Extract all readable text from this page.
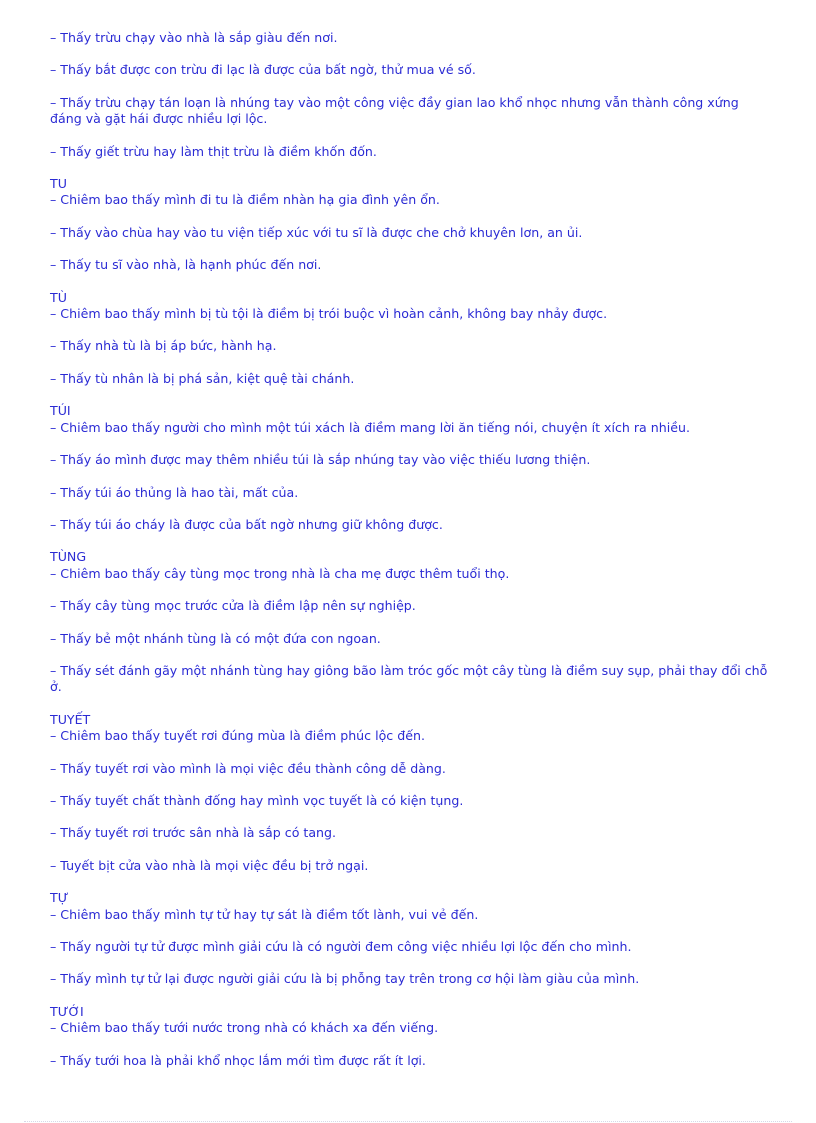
– Thấy trừu chạy vào nhà là sắp giàu đến nơi.
– Thấy bắt được con trừu đi lạc là được của bất ngờ, thử mua vé số.
– Thấy trừu chạy tán loạn là nhúng tay vào một công việc đầy gian lao khổ nhọc nhưng vẫn thành công xứng đáng và gặt hái được nhiều lợi lộc.
– Thấy giết trừu hay làm thịt trừu là điềm khốn đốn.
TU
– Chiêm bao thấy mình đi tu là điềm nhàn hạ gia đình yên ổn.
– Thấy vào chùa hay vào tu viện tiếp xúc với tu sĩ là được che chở khuyên lơn, an ủi.
– Thấy tu sĩ vào nhà, là hạnh phúc đến nơi.
TÙ
– Chiêm bao thấy mình bị tù tội là điềm bị trói buộc vì hoàn cảnh, không bay nhảy được.
– Thấy nhà tù là bị áp bức, hành hạ.
– Thấy tù nhân là bị phá sản, kiệt quệ tài chánh.
TÚI
– Chiêm bao thấy người cho mình một túi xách là điềm mang lời ăn tiếng nói, chuyện ít xích ra nhiều.
– Thấy áo mình được may thêm nhiều túi là sắp nhúng tay vào việc thiếu lương thiện.
– Thấy túi áo thủng là hao tài, mất của.
– Thấy túi áo cháy là được của bất ngờ nhưng giữ không được.
TÙNG
– Chiêm bao thấy cây tùng mọc trong nhà là cha mẹ được thêm tuổi thọ.
– Thấy cây tùng mọc trước cửa là điềm lập nên sự nghiệp.
– Thấy bẻ một nhánh tùng là có một đứa con ngoan.
– Thấy sét đánh gãy một nhánh tùng hay giông bão làm tróc gốc một cây tùng là điềm suy sụp, phải thay đổi chỗ ở.
TUYẾT
– Chiêm bao thấy tuyết rơi đúng mùa là điềm phúc lộc đến.
– Thấy tuyết rơi vào mình là mọi việc đều thành công dễ dàng.
– Thấy tuyết chất thành đống hay mình vọc tuyết là có kiện tụng.
– Thấy tuyết rơi trước sân nhà là sắp có tang.
– Tuyết bịt cửa vào nhà là mọi việc đều bị trở ngại.
TỰ
– Chiêm bao thấy mình tự tử hay tự sát là điềm tốt lành, vui vẻ đến.
– Thấy người tự tử được mình giải cứu là có người đem công việc nhiều lợi lộc đến cho mình.
– Thấy mình tự tử lại được người giải cứu là bị phỗng tay trên trong cơ hội làm giàu của mình.
TƯỚI
– Chiêm bao thấy tưới nước trong nhà có khách xa đến viếng.
– Thấy tưới hoa là phải khổ nhọc lắm mới tìm được rất ít lợi.
